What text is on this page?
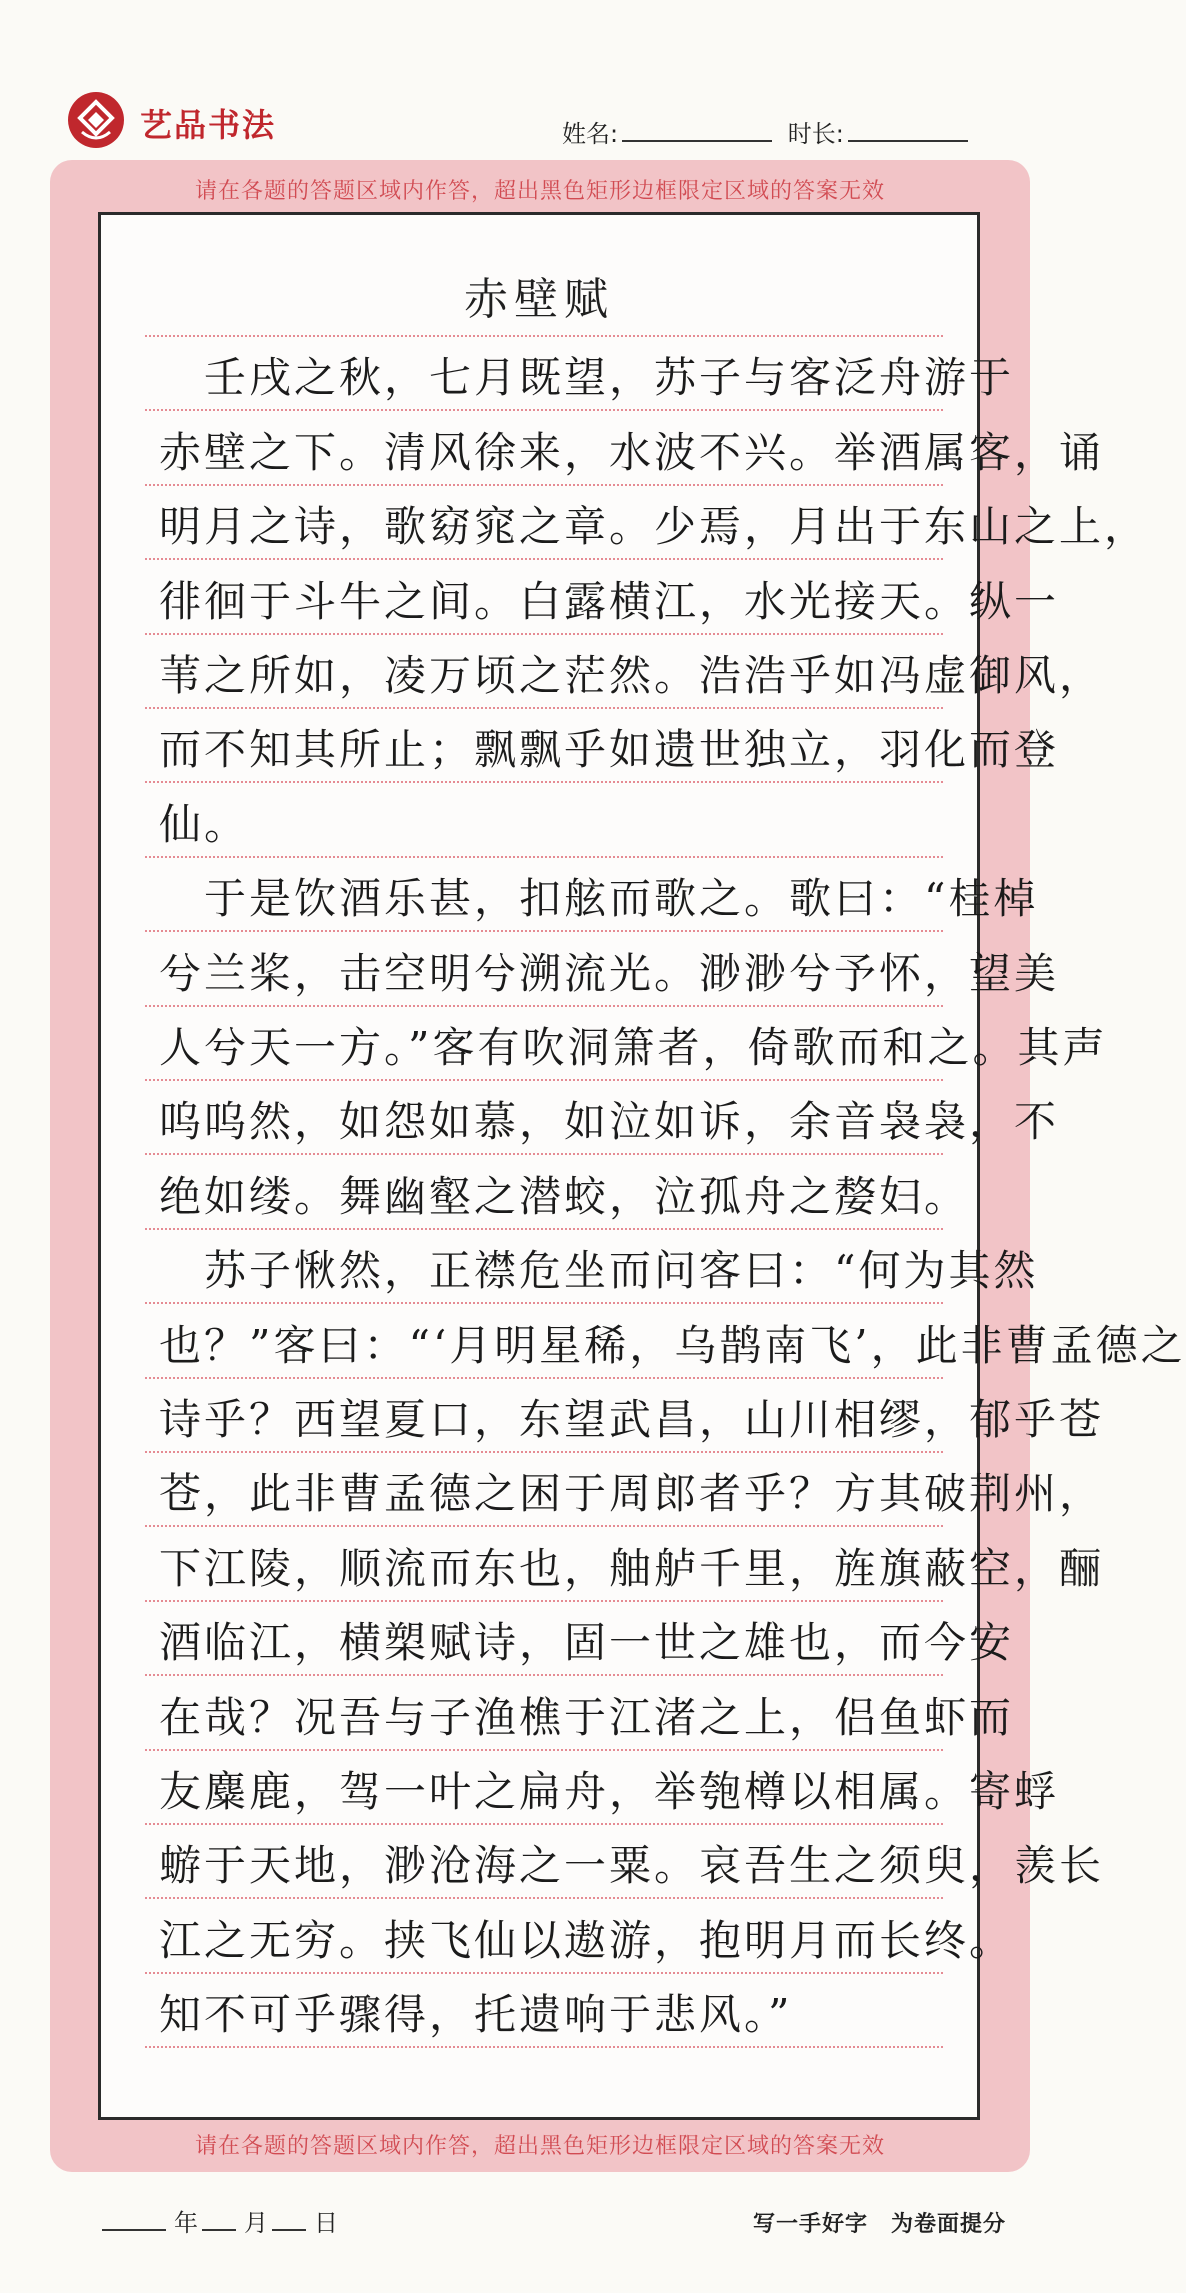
艺品书法	姓名:	时长:
请在各题的答题区域内作答，超出黑色矩形边框限定区域的答案无效
赤壁赋
　壬戌之秋，七月既望，苏子与客泛舟游于
赤壁之下。清风徐来，水波不兴。举酒属客，诵
明月之诗，歌窈窕之章。少焉，月出于东山之上，
徘徊于斗牛之间。白露横江，水光接天。纵一
苇之所如，凌万顷之茫然。浩浩乎如冯虚御风，
而不知其所止；飘飘乎如遗世独立，羽化而登
仙。
　于是饮酒乐甚，扣舷而歌之。歌曰：“桂棹
兮兰桨，击空明兮溯流光。渺渺兮予怀，望美
人兮天一方。”客有吹洞箫者，倚歌而和之。其声
呜呜然，如怨如慕，如泣如诉，余音袅袅，不
绝如缕。舞幽壑之潜蛟，泣孤舟之嫠妇。
　苏子愀然，正襟危坐而问客曰：“何为其然
也？”客曰：“‘月明星稀，乌鹊南飞’，此非曹孟德之
诗乎？西望夏口，东望武昌，山川相缪，郁乎苍
苍，此非曹孟德之困于周郎者乎？方其破荆州，
下江陵，顺流而东也，舳舻千里，旌旗蔽空，酾
酒临江，横槊赋诗，固一世之雄也，而今安
在哉？况吾与子渔樵于江渚之上，侣鱼虾而
友麋鹿，驾一叶之扁舟，举匏樽以相属。寄蜉
蝣于天地，渺沧海之一粟。哀吾生之须臾，羡长
江之无穷。挟飞仙以遨游，抱明月而长终。
知不可乎骤得，托遗响于悲风。”
请在各题的答题区域内作答，超出黑色矩形边框限定区域的答案无效
年 月 日	写一手好字　为卷面提分
